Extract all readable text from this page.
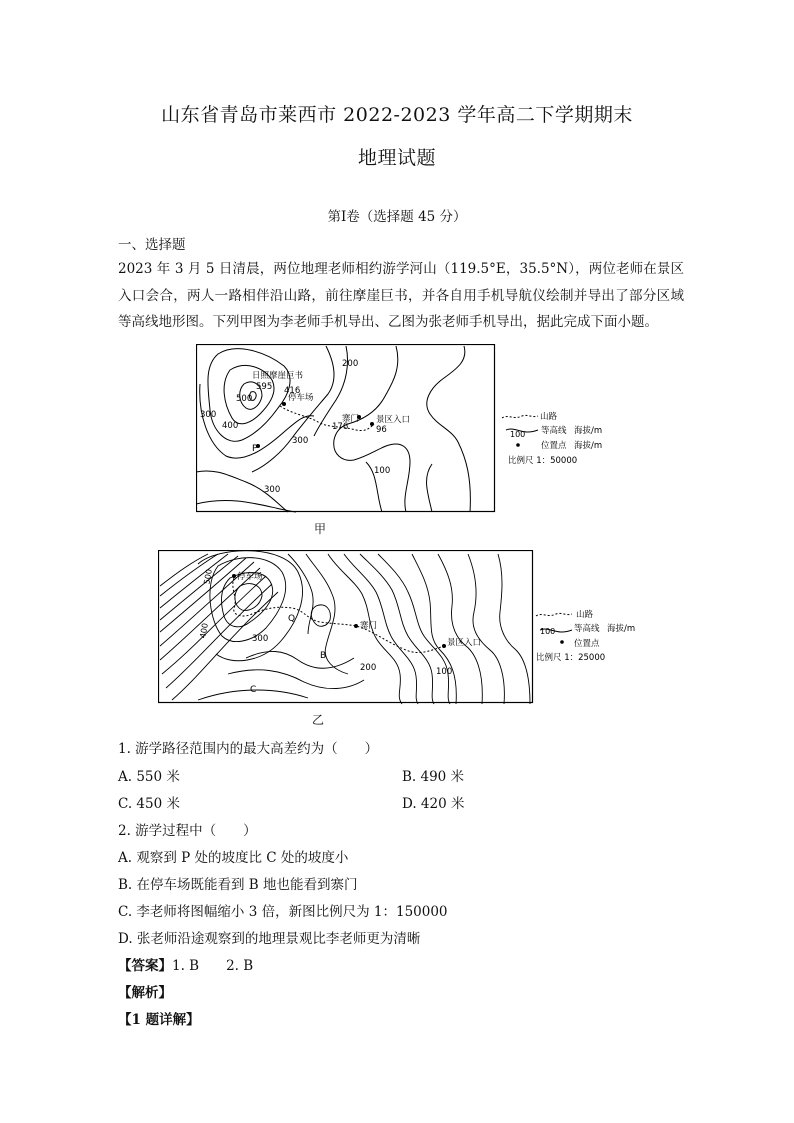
山东省青岛市莱西市 2022-2023 学年高二下学期期末
地理试题
第Ⅰ卷（选择题 45 分）
一、选择题
2023 年 3 月 5 日清晨，两位地理老师相约游学河山（119.5°E，35.5°N），两位老师在景区入口会合，两人一路相伴沿山路，前往摩崖巨书，并各自用手机导航仪绘制并导出了部分区域等高线地形图。下列甲图为李老师手机导出、乙图为张老师手机导出，据此完成下面小题。
日照摩崖巨书
595 416
停车场
200
500
300
400
300
300
100
寨门
176
景区入口
96
P
山路
100 等高线 海拔/m
位置点 海拔/m
比例尺 1：50000
甲
停车场
500
400
300
Q
寨门
B
200
景区入口
100
C
山路
100 等高线 海拔/m
位置点
比例尺 1：25000
乙
1. 游学路径范围内的最大高差约为（　　）
A. 550 米	B. 490 米
C. 450 米	D. 420 米
2. 游学过程中（　　）
A. 观察到 P 处的坡度比 C 处的坡度小
B. 在停车场既能看到 B 地也能看到寨门
C. 李老师将图幅缩小 3 倍，新图比例尺为 1：150000
D. 张老师沿途观察到的地理景观比李老师更为清晰
【答案】1. B　　2. B
【解析】
【1 题详解】
